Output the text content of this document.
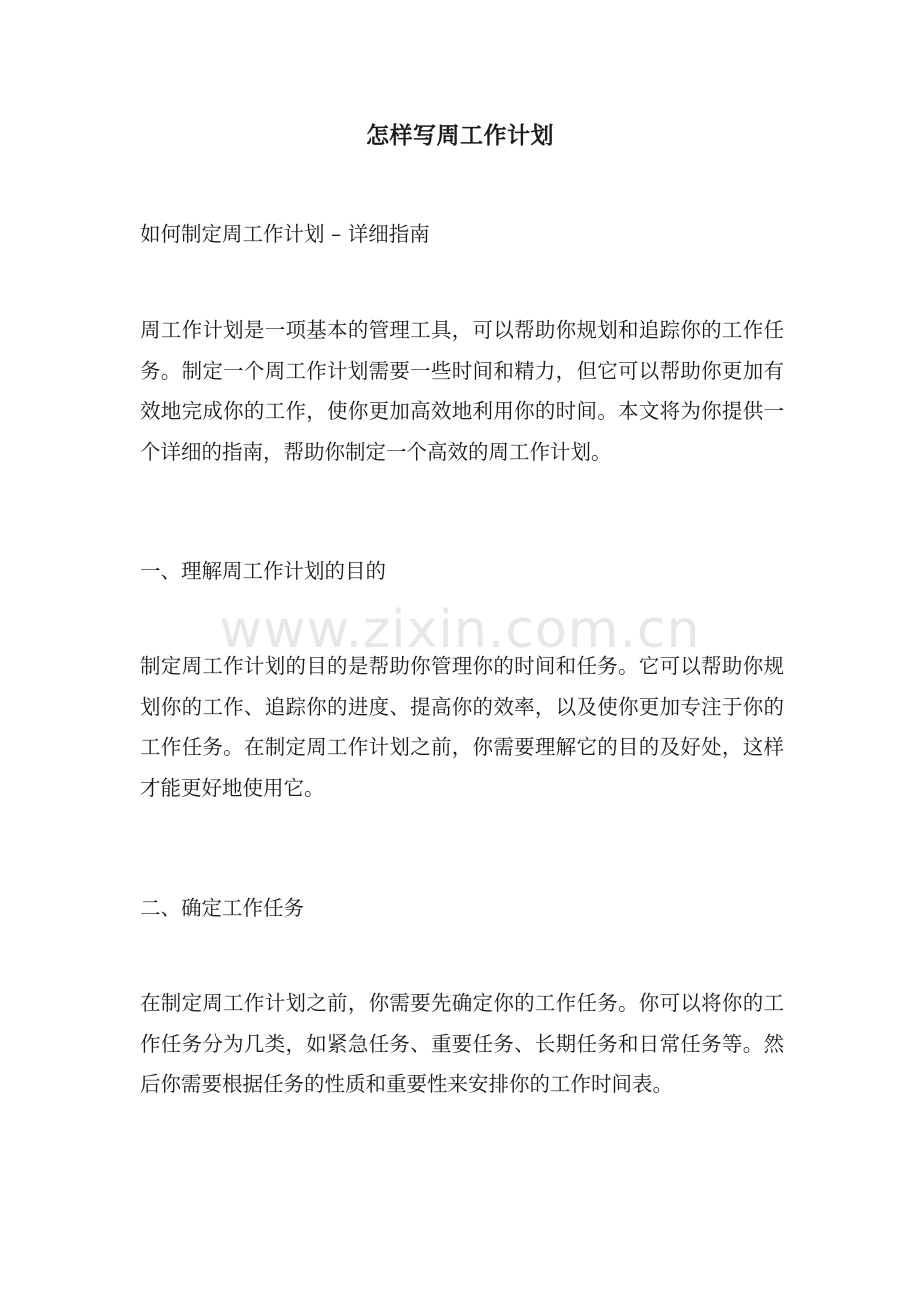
怎样写周工作计划

如何制定周工作计划 – 详细指南

周工作计划是一项基本的管理工具，可以帮助你规划和追踪你的工作任务。制定一个周工作计划需要一些时间和精力，但它可以帮助你更加有效地完成你的工作，使你更加高效地利用你的时间。本文将为你提供一个详细的指南，帮助你制定一个高效的周工作计划。

一、理解周工作计划的目的

制定周工作计划的目的是帮助你管理你的时间和任务。它可以帮助你规划你的工作、追踪你的进度、提高你的效率，以及使你更加专注于你的工作任务。在制定周工作计划之前，你需要理解它的目的及好处，这样才能更好地使用它。

二、确定工作任务

在制定周工作计划之前，你需要先确定你的工作任务。你可以将你的工作任务分为几类，如紧急任务、重要任务、长期任务和日常任务等。然后你需要根据任务的性质和重要性来安排你的工作时间表。

www.zixin.com.cn
